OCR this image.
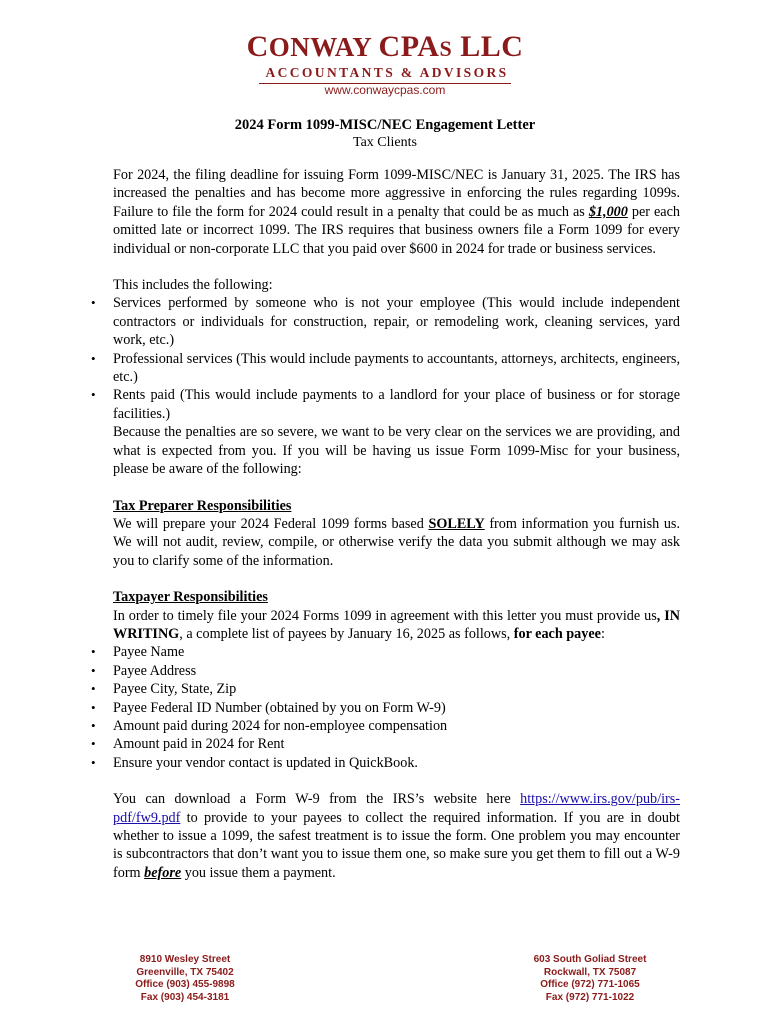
CONWAY CPAS LLC
ACCOUNTANTS & ADVISORS
www.conwaycpas.com
2024 Form 1099-MISC/NEC Engagement Letter
Tax Clients

For 2024, the filing deadline for issuing Form 1099-MISC/NEC is January 31, 2025. The IRS has increased the penalties and has become more aggressive in enforcing the rules regarding 1099s. Failure to file the form for 2024 could result in a penalty that could be as much as $1,000 per each omitted late or incorrect 1099. The IRS requires that business owners file a Form 1099 for every individual or non-corporate LLC that you paid over $600 in 2024 for trade or business services.

This includes the following:

• Services performed by someone who is not your employee (This would include independent contractors or individuals for construction, repair, or remodeling work, cleaning services, yard work, etc.)
• Professional services (This would include payments to accountants, attorneys, architects, engineers, etc.)
• Rents paid (This would include payments to a landlord for your place of business or for storage facilities.)

Because the penalties are so severe, we want to be very clear on the services we are providing, and what is expected from you. If you will be having us issue Form 1099-Misc for your business, please be aware of the following:

Tax Preparer Responsibilities

We will prepare your 2024 Federal 1099 forms based SOLELY from information you furnish us. We will not audit, review, compile, or otherwise verify the data you submit although we may ask you to clarify some of the information.

Taxpayer Responsibilities

In order to timely file your 2024 Forms 1099 in agreement with this letter you must provide us, IN WRITING, a complete list of payees by January 16, 2025 as follows, for each payee:

• Payee Name
• Payee Address
• Payee City, State, Zip
• Payee Federal ID Number (obtained by you on Form W-9)
• Amount paid during 2024 for non-employee compensation
• Amount paid in 2024 for Rent
• Ensure your vendor contact is updated in QuickBook.

You can download a Form W-9 from the IRS’s website here https://www.irs.gov/pub/irs-pdf/fw9.pdf to provide to your payees to collect the required information. If you are in doubt whether to issue a 1099, the safest treatment is to issue the form. One problem you may encounter is subcontractors that don’t want you to issue them one, so make sure you get them to fill out a W-9 form before you issue them a payment.

8910 Wesley Street
Greenville, TX 75402
Office (903) 455-9898
Fax (903) 454-3181
603 South Goliad Street
Rockwall, TX 75087
Office (972) 771-1065
Fax (972) 771-1022
